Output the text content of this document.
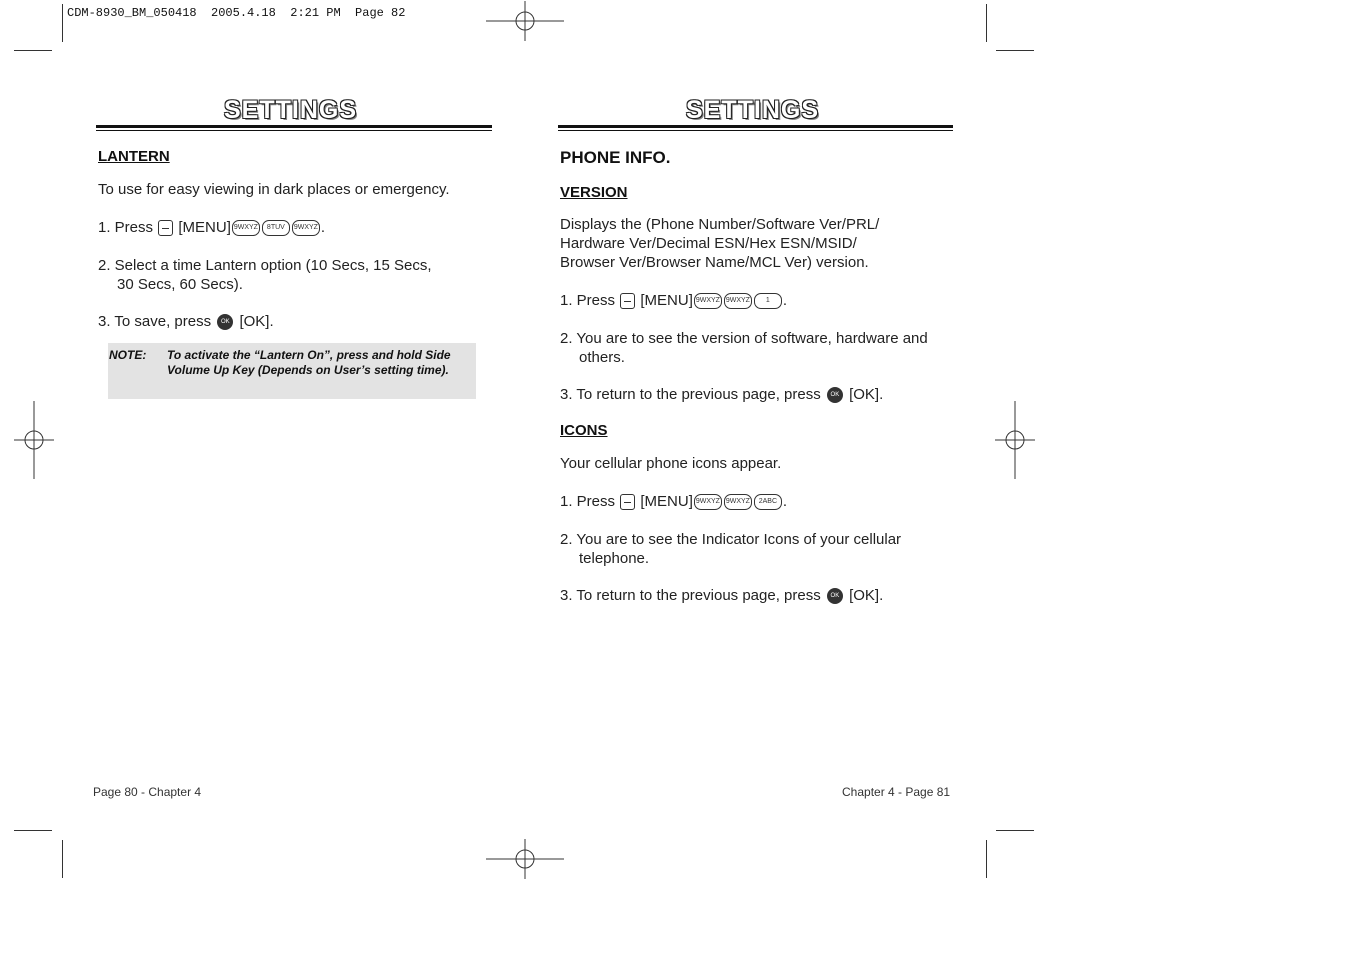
CDM-8930_BM_050418  2005.4.18  2:21 PM  Page 82
SETTINGS
LANTERN
To use for easy viewing in dark places or emergency.
1. Press [MENU] 9WXYZ 8TUV 9WXYZ .
2. Select a time Lantern option (10 Secs, 15 Secs,
30 Secs, 60 Secs).
3. To save, press OK [OK].
NOTE: To activate the “Lantern On”, press and hold Side Volume Up Key (Depends on User’s setting time).
Page 80 - Chapter 4
SETTINGS
PHONE INFO.
VERSION
Displays the (Phone Number/Software Ver/PRL/
Hardware Ver/Decimal ESN/Hex ESN/MSID/
Browser Ver/Browser Name/MCL Ver) version.
1. Press [MENU] 9WXYZ 9WXYZ 1 .
2. You are to see the version of software, hardware and
others.
3. To return to the previous page, press OK [OK].
ICONS
Your cellular phone icons appear.
1. Press [MENU] 9WXYZ 9WXYZ 2ABC .
2. You are to see the Indicator Icons of your cellular
telephone.
3. To return to the previous page, press OK [OK].
Chapter 4 - Page 81
